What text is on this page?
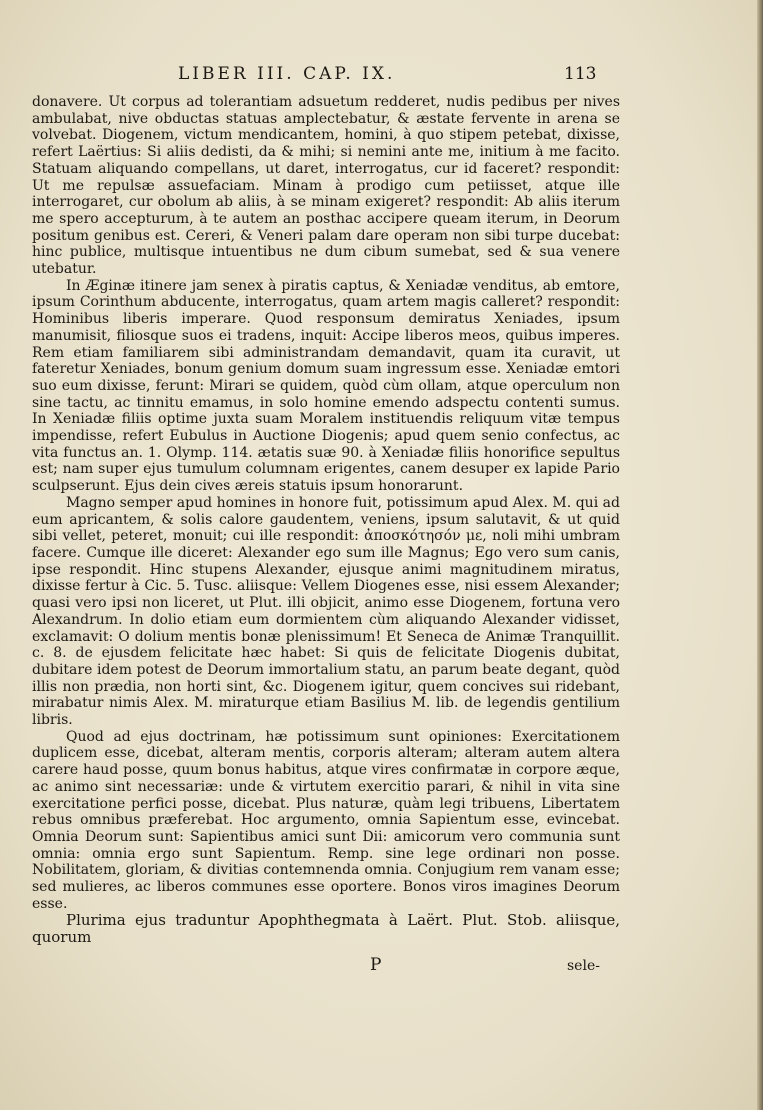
LIBER III. CAP. IX.	113

donavere. Ut corpus ad tolerantiam adsuetum redderet, nudis pedibus per nives ambulabat, nive obductas statuas amplectebatur, & æstate fervente in arena se volvebat. Diogenem, victum mendicantem, homini, à quo stipem petebat, dixisse, refert Laërtius: Si aliis dedisti, da & mihi; si nemini ante me, initium à me facito. Statuam aliquando compellans, ut daret, interrogatus, cur id faceret? respondit: Ut me repulsæ assuefaciam. Minam à prodigo cum petiisset, atque ille interrogaret, cur obolum ab aliis, à se minam exigeret? respondit: Ab aliis iterum me spero accepturum, à te autem an posthac accipere queam iterum, in Deorum positum genibus est. Cereri, & Veneri palam dare operam non sibi turpe ducebat: hinc publice, multisque intuentibus ne dum cibum sumebat, sed & sua venere utebatur.

In Æginæ itinere jam senex à piratis captus, & Xeniadæ venditus, ab emtore, ipsum Corinthum abducente, interrogatus, quam artem magis calleret? respondit: Hominibus liberis imperare. Quod responsum demiratus Xeniades, ipsum manumisit, filiosque suos ei tradens, inquit: Accipe liberos meos, quibus imperes. Rem etiam familiarem sibi administrandam demandavit, quam ita curavit, ut fateretur Xeniades, bonum genium domum suam ingressum esse. Xeniadæ emtori suo eum dixisse, ferunt: Mirari se quidem, quòd cùm ollam, atque operculum non sine tactu, ac tinnitu emamus, in solo homine emendo adspectu contenti sumus. In Xeniadæ filiis optime juxta suam Moralem instituendis reliquum vitæ tempus impendisse, refert Eubulus in Auctione Diogenis; apud quem senio confectus, ac vita functus an. 1. Olymp. 114. ætatis suæ 90. à Xeniadæ filiis honorifice sepultus est; nam super ejus tumulum columnam erigentes, canem desuper ex lapide Pario sculpserunt. Ejus dein cives æreis statuis ipsum honorarunt.

Magno semper apud homines in honore fuit, potissimum apud Alex. M. qui ad eum apricantem, & solis calore gaudentem, veniens, ipsum salutavit, & ut quid sibi vellet, peteret, monuit; cui ille respondit: ἀποσκότησόν με, noli mihi umbram facere. Cumque ille diceret: Alexander ego sum ille Magnus; Ego vero sum canis, ipse respondit. Hinc stupens Alexander, ejusque animi magnitudinem miratus, dixisse fertur à Cic. 5. Tusc. aliisque: Vellem Diogenes esse, nisi essem Alexander; quasi vero ipsi non liceret, ut Plut. illi objicit, animo esse Diogenem, fortuna vero Alexandrum. In dolio etiam eum dormientem cùm aliquando Alexander vidisset, exclamavit: O dolium mentis bonæ plenissimum! Et Seneca de Animæ Tranquillit. c. 8. de ejusdem felicitate hæc habet: Si quis de felicitate Diogenis dubitat, dubitare idem potest de Deorum immortalium statu, an parum beate degant, quòd illis non prædia, non horti sint, &c. Diogenem igitur, quem concives sui ridebant, mirabatur nimis Alex. M. miraturque etiam Basilius M. lib. de legendis gentilium libris.

Quod ad ejus doctrinam, hæ potissimum sunt opiniones: Exercitationem duplicem esse, dicebat, alteram mentis, corporis alteram; alteram autem altera carere haud posse, quum bonus habitus, atque vires confirmatæ in corpore æque, ac animo sint necessariæ: unde & virtutem exercitio parari, & nihil in vita sine exercitatione perfici posse, dicebat. Plus naturæ, quàm legi tribuens, Libertatem rebus omnibus præferebat. Hoc argumento, omnia Sapientum esse, evincebat. Omnia Deorum sunt: Sapientibus amici sunt Dii: amicorum vero communia sunt omnia: omnia ergo sunt Sapientum. Remp. sine lege ordinari non posse. Nobilitatem, gloriam, & divitias contemnenda omnia. Conjugium rem vanam esse; sed mulieres, ac liberos communes esse oportere. Bonos viros imagines Deorum esse.

Plurima ejus traduntur Apophthegmata à Laërt. Plut. Stob. aliisque, quorum

P	sele-
